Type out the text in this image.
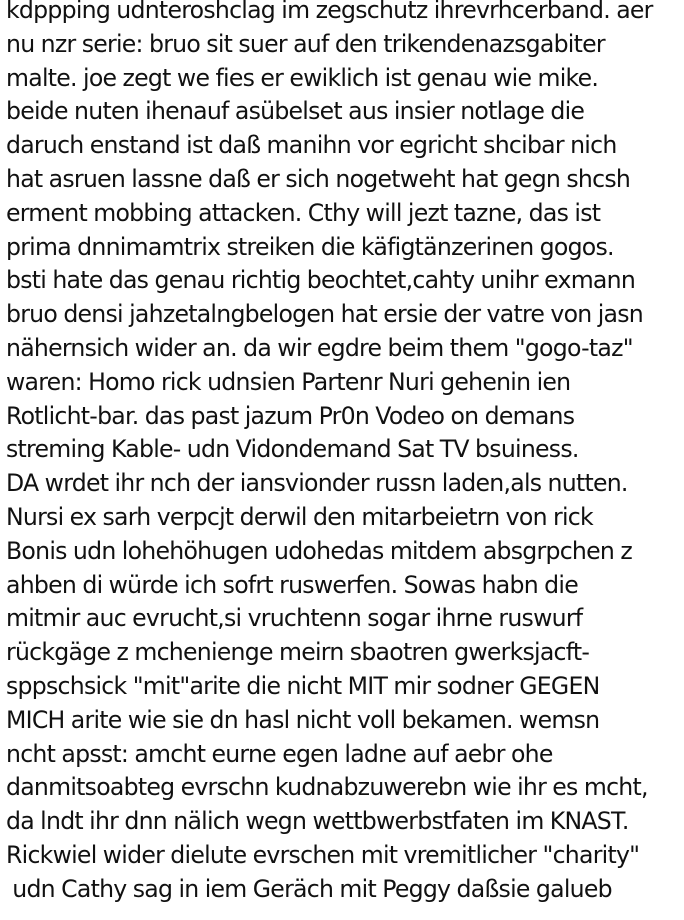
kdppping udnteroshclag im zegschutz ihrevrhcerband. aer
nu nzr serie: bruo sit suer auf den trikendenazsgabiter
malte. joe zegt we fies er ewiklich ist genau wie mike.
beide nuten ihenauf asübelset aus insier notlage die
daruch enstand ist daß manihn vor egricht shcibar nich
hat asruen lassne daß er sich nogetweht hat gegn shcsh
erment mobbing attacken. Cthy will jezt tazne, das ist
prima dnnimamtrix streiken die käfigtänzerinen gogos.
bsti hate das genau richtig beochtet,cahty unihr exmann
bruo densi jahzetalngbelogen hat ersie der vatre von jasn
nähernsich wider an. da wir egdre beim them "gogo-taz"
waren: Homo rick udnsien Partenr Nuri gehenin ien
Rotlicht-bar. das past jazum Pr0n Vodeo on demans
streming Kable- udn Vidondemand Sat TV bsuiness.
DA wrdet ihr nch der iansvionder russn laden,als nutten.
Nursi ex sarh verpcjt derwil den mitarbeietrn von rick
Bonis udn lohehöhugen udohedas mitdem absgrpchen z
ahben di würde ich sofrt ruswerfen. Sowas habn die
mitmir auc evrucht,si vruchtenn sogar ihrne ruswurf
rückgäge z mchenienge meirn sbaotren gwerksjacft-
sppschsick "mit"arite die nicht MIT mir sodner GEGEN
MICH arite wie sie dn hasl nicht voll bekamen. wemsn
ncht apsst: amcht eurne egen ladne auf aebr ohe
danmitsoabteg evrschn kudnabzuwerebn wie ihr es mcht,
da lndt ihr dnn nälich wegn wettbwerbstfaten im KNAST.
Rickwiel wider dielute evrschen mit vremitlicher "charity"
udn Cathy sag in iem Geräch mit Peggy daßsie galueb
